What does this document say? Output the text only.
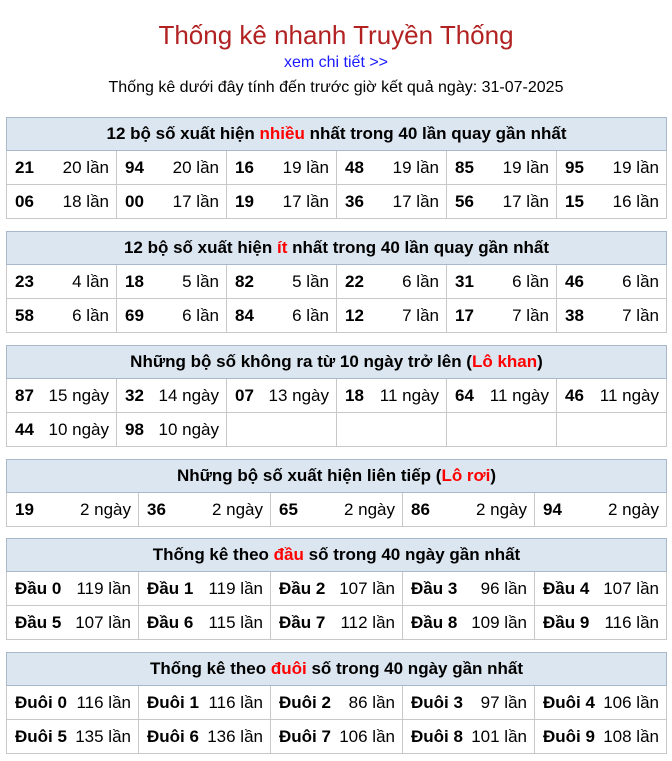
Thống kê nhanh Truyền Thống
xem chi tiết >>
Thống kê dưới đây tính đến trước giờ kết quả ngày: 31-07-2025
12 bộ số xuất hiện nhiều nhất trong 40 lần quay gần nhất					

21 20 lần	94 20 lần	16 19 lần	48 19 lần	85 19 lần	95 19 lần

06 18 lần	00 17 lần	19 17 lần	36 17 lần	56 17 lần	15 16 lần
12 bộ số xuất hiện ít nhất trong 40 lần quay gần nhất					

23 4 lần	18 5 lần	82 5 lần	22 6 lần	31 6 lần	46 6 lần

58 6 lần	69 6 lần	84 6 lần	12 7 lần	17 7 lần	38 7 lần
Những bộ số không ra từ 10 ngày trở lên (Lô khan)					

87 15 ngày	32 14 ngày	07 13 ngày	18 11 ngày	64 11 ngày	46 11 ngày

44 10 ngày	98 10 ngày				

Những bộ số xuất hiện liên tiếp (Lô rơi)

19	2 ngày	36	2 ngày	65	2 ngày	86	2 ngày	94	2 ngày
Thống kê theo đầu số trong 40 ngày gần nhất				

Đầu 0 119 lần	Đầu 1 119 lần	Đầu 2 107 lần	Đầu 3 96 lần	Đầu 4 107 lần

Đầu 5 107 lần	Đầu 6 115 lần	Đầu 7 112 lần	Đầu 8 109 lần	Đầu 9 116 lần
Thống kê theo đuôi số trong 40 ngày gần nhất				

Đuôi 0 116 lần	Đuôi 1 116 lần	Đuôi 2 86 lần	Đuôi 3 97 lần	Đuôi 4 106 lần

Đuôi 5 135 lần	Đuôi 6 136 lần	Đuôi 7 106 lần	Đuôi 8 101 lần	Đuôi 9 108 lần
